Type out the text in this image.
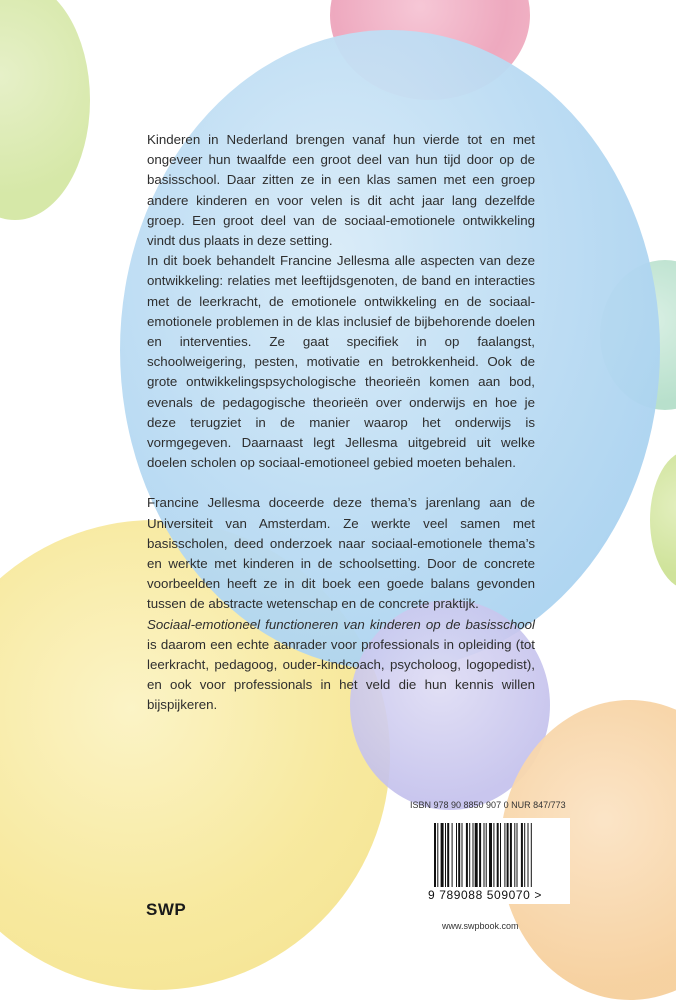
Kinderen in Nederland brengen vanaf hun vierde tot en met ongeveer hun twaalfde een groot deel van hun tijd door op de basisschool. Daar zitten ze in een klas samen met een groep andere kinderen en voor velen is dit acht jaar lang dezelfde groep. Een groot deel van de sociaal-emotionele ontwikkeling vindt dus plaats in deze setting.

In dit boek behandelt Francine Jellesma alle aspecten van deze ontwikkeling: relaties met leeftijdsgenoten, de band en interacties met de leerkracht, de emotionele ontwikkeling en de sociaal-emotionele problemen in de klas inclusief de bijbehorende doelen en interventies. Ze gaat specifiek in op faalangst, schoolweigering, pesten, motivatie en betrokkenheid. Ook de grote ontwikkelingspsychologische theorieën komen aan bod, evenals de pedagogische theorieën over onderwijs en hoe je deze terugziet in de manier waarop het onderwijs is vormgegeven. Daarnaast legt Jellesma uitgebreid uit welke doelen scholen op sociaal-emotioneel gebied moeten behalen.

Francine Jellesma doceerde deze thema’s jarenlang aan de Universiteit van Amsterdam. Ze werkte veel samen met basisscholen, deed onderzoek naar sociaal-emotionele thema’s en werkte met kinderen in de schoolsetting. Door de concrete voorbeelden heeft ze in dit boek een goede balans gevonden tussen de abstracte wetenschap en de concrete praktijk.

Sociaal-emotioneel functioneren van kinderen op de basisschool is daarom een echte aanrader voor professionals in opleiding (tot leerkracht, pedagoog, ouder-kindcoach, psycholoog, logopedist), en ook voor professionals in het veld die hun kennis willen bijspijkeren.

ISBN 978 90 8850 907 0 NUR 847/773
9 789088 509070 >
SWP
www.swpbook.com
